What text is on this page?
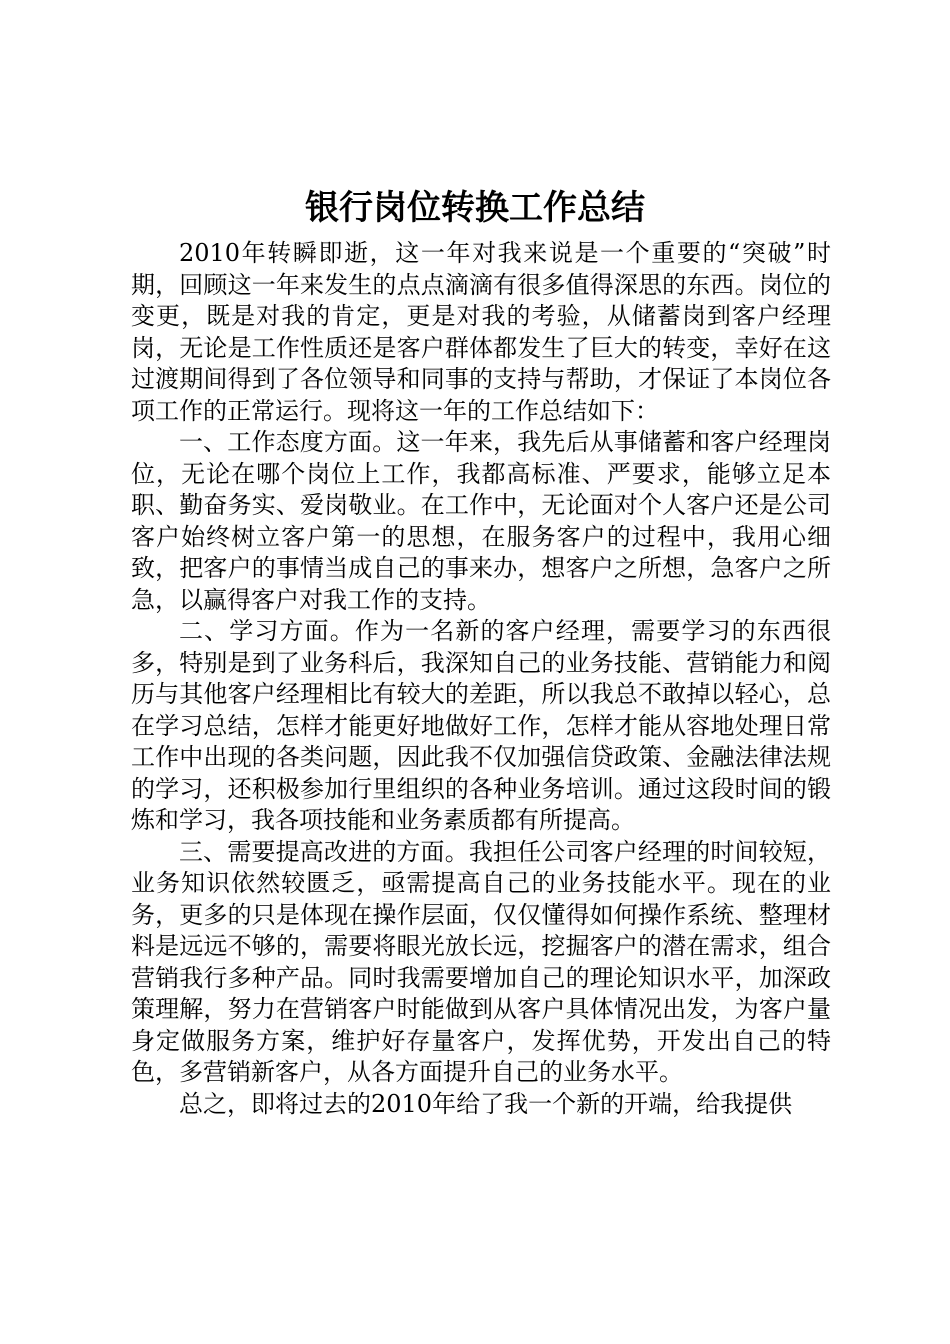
银行岗位转换工作总结

2010年转瞬即逝，这一年对我来说是一个重要的“突破”时期，回顾这一年来发生的点点滴滴有很多值得深思的东西。岗位的变更，既是对我的肯定，更是对我的考验，从储蓄岗到客户经理岗，无论是工作性质还是客户群体都发生了巨大的转变，幸好在这过渡期间得到了各位领导和同事的支持与帮助，才保证了本岗位各项工作的正常运行。现将这一年的工作总结如下：

一、工作态度方面。这一年来，我先后从事储蓄和客户经理岗位，无论在哪个岗位上工作，我都高标准、严要求，能够立足本职、勤奋务实、爱岗敬业。在工作中，无论面对个人客户还是公司客户始终树立客户第一的思想，在服务客户的过程中，我用心细致，把客户的事情当成自己的事来办，想客户之所想，急客户之所急，以赢得客户对我工作的支持。

二、学习方面。作为一名新的客户经理，需要学习的东西很多，特别是到了业务科后，我深知自己的业务技能、营销能力和阅历与其他客户经理相比有较大的差距，所以我总不敢掉以轻心，总在学习总结，怎样才能更好地做好工作，怎样才能从容地处理日常工作中出现的各类问题，因此我不仅加强信贷政策、金融法律法规的学习，还积极参加行里组织的各种业务培训。通过这段时间的锻炼和学习，我各项技能和业务素质都有所提高。

三、需要提高改进的方面。我担任公司客户经理的时间较短，业务知识依然较匮乏，亟需提高自己的业务技能水平。现在的业务，更多的只是体现在操作层面，仅仅懂得如何操作系统、整理材料是远远不够的，需要将眼光放长远，挖掘客户的潜在需求，组合营销我行多种产品。同时我需要增加自己的理论知识水平，加深政策理解，努力在营销客户时能做到从客户具体情况出发，为客户量身定做服务方案，维护好存量客户，发挥优势，开发出自己的特色，多营销新客户，从各方面提升自己的业务水平。

总之，即将过去的2010年给了我一个新的开端，给我提供
